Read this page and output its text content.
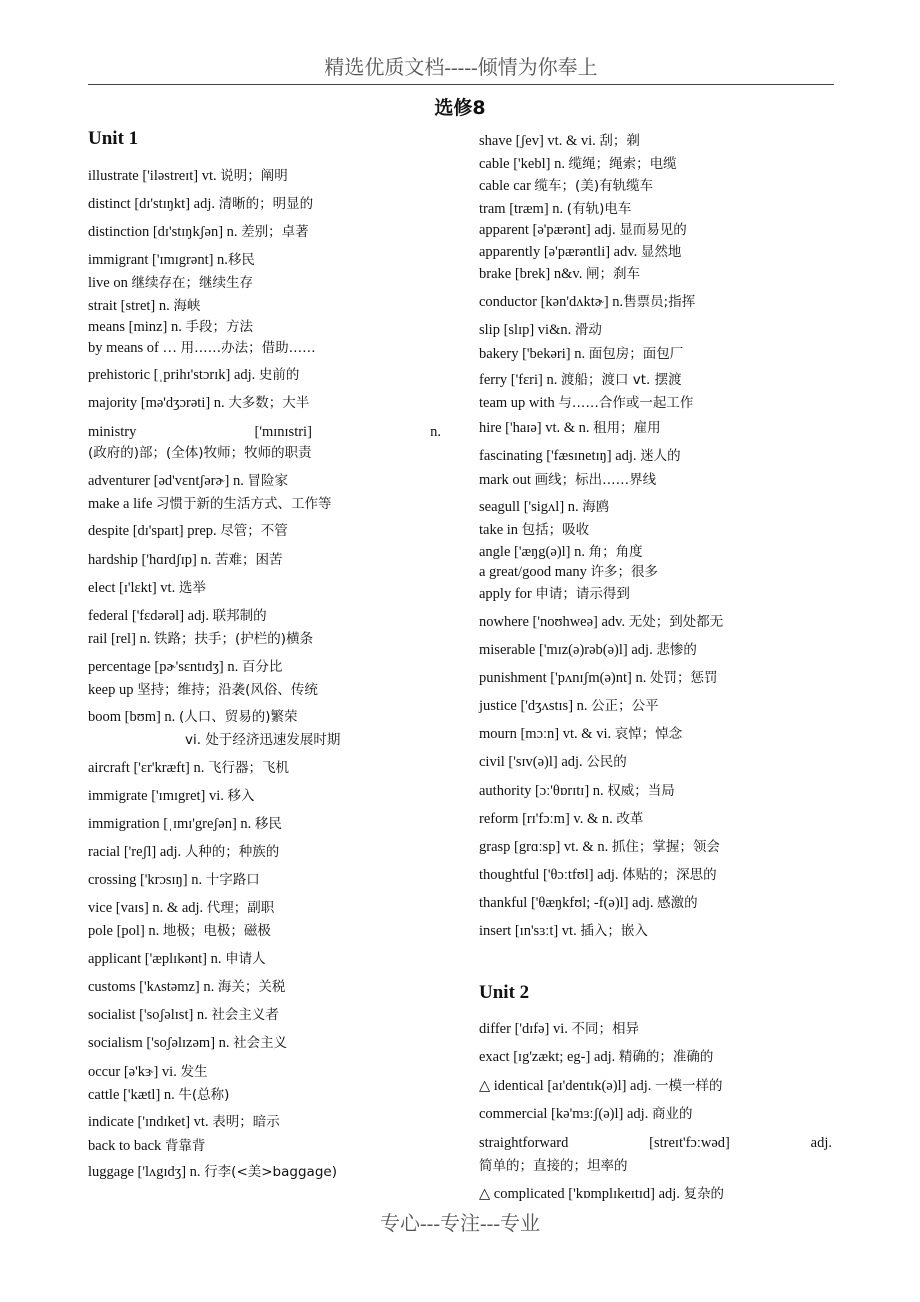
精选优质文档-----倾情为你奉上
选修8
Unit 1
illustrate ['iləstreɪt] vt. 说明；阐明
distinct [dɪ'stɪŋkt] adj. 清晰的；明显的
distinction [dɪ'stɪŋkʃən] n. 差别；卓著
immigrant ['ɪmɪgrənt] n.移民
live on 继续存在；继续生存
strait [stret] n. 海峡
means [minz] n. 手段；方法
by means of … 用……办法；借助……
prehistoric [ˌprihɪ'stɔrɪk] adj. 史前的
majority [mə'dʒɔrəti] n. 大多数；大半
(政府的)部；(全体)牧师；牧师的职责
adventurer [əd'vɛntʃərɚ] n. 冒险家
make a life 习惯于新的生活方式、工作等
despite [dɪ'spaɪt] prep. 尽管；不管
hardship ['hɑrdʃɪp] n. 苦难；困苦
elect [ɪ'lɛkt] vt. 选举
federal ['fɛdərəl] adj. 联邦制的
rail [rel] n. 铁路；扶手；(护栏的)横条
percentage [pɚ'sɛntɪdʒ] n. 百分比
keep up 坚持；维持；沿袭(风俗、传统
boom [bʊm] n. (人口、贸易的)繁荣
vi. 处于经济迅速发展时期
aircraft ['ɛr'kræft] n. 飞行器；飞机
immigrate ['ɪmɪgret] vi. 移入
immigration [ˌɪmɪ'greʃən] n. 移民
racial ['reʃl] adj. 人种的；种族的
crossing ['krɔsɪŋ] n. 十字路口
vice [vaɪs] n. & adj. 代理；副职
pole [pol] n. 地极；电极；磁极
applicant ['æplɪkənt] n. 申请人
customs ['kʌstəmz] n. 海关；关税
socialist ['soʃəlɪst] n. 社会主义者
socialism ['soʃəlɪzəm] n. 社会主义
occur [ə'kɝ] vi. 发生
cattle ['kætl] n. 牛(总称)
indicate ['ɪndɪket] vt. 表明；暗示
back to back 背靠背
luggage ['lʌgɪdʒ] n. 行李(<美>baggage)
ministry	['mɪnɪstri]	n.
shave [ʃev] vt. & vi. 刮；剃
cable ['kebl] n. 缆绳；绳索；电缆
cable car 缆车；(美)有轨缆车
tram [træm] n. (有轨)电车
apparent [ə'pærənt] adj. 显而易见的
apparently [ə'pærəntli] adv. 显然地
brake [brek] n&v. 闸；刹车
conductor [kən'dʌktɚ] n.售票员;指挥
slip [slɪp] vi&n. 滑动
bakery ['bekəri] n. 面包房；面包厂
ferry ['fɛri] n. 渡船；渡口 vt. 摆渡
team up with 与……合作或一起工作
hire ['haɪə] vt. & n. 租用；雇用
fascinating ['fæsɪnetɪŋ] adj. 迷人的
mark out 画线；标出……界线
seagull ['sigʌl] n. 海鸥
take in 包括；吸收
angle ['æŋg(ə)l] n. 角；角度
a great/good many 许多；很多
apply for 申请；请示得到
nowhere ['noʊhweə] adv. 无处；到处都无
miserable ['mɪz(ə)rəb(ə)l] adj. 悲惨的
punishment ['pʌnɪʃm(ə)nt] n. 处罚；惩罚
justice ['dʒʌstɪs] n. 公正；公平
mourn [mɔːn] vt. & vi. 哀悼；悼念
civil ['sɪv(ə)l] adj. 公民的
authority [ɔː'θɒrɪtɪ] n. 权威；当局
reform [rɪ'fɔːm] v. & n. 改革
grasp [grɑːsp] vt. & n. 抓住；掌握；领会
thoughtful ['θɔːtfʊl] adj. 体贴的；深思的
thankful ['θæŋkfʊl; -f(ə)l] adj. 感激的
insert [ɪn'sɜːt] vt. 插入；嵌入
differ ['dɪfə] vi. 不同；相异
exact [ɪg'zækt; eg-] adj. 精确的；准确的
△ identical [aɪ'dentɪk(ə)l] adj. 一模一样的
commercial [kə'mɜːʃ(ə)l] adj. 商业的
简单的；直接的；坦率的
△ complicated ['kɒmplɪkeɪtɪd] adj. 复杂的
Unit 2
straightforward	[streɪt'fɔːwəd]	adj.
专心---专注---专业
